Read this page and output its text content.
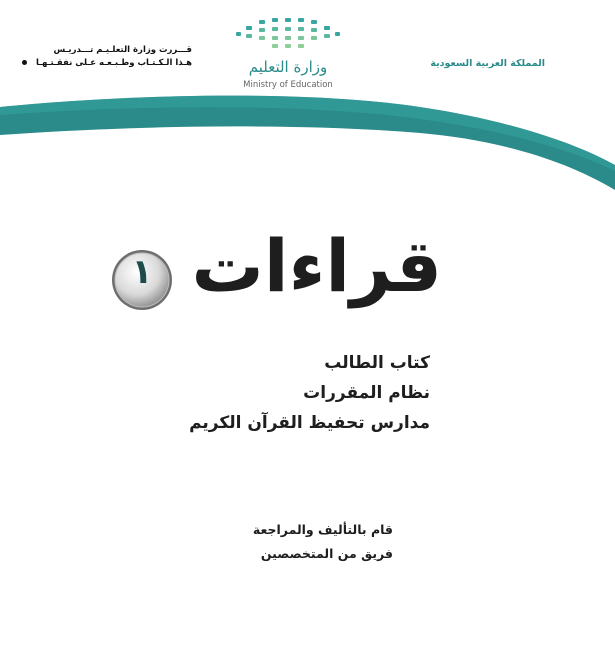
قـــررت وزارة التعلـيـم تـــدريـس
هـذا الـكـتـاب وطـبـعـه عـلى نفقـتـهـا	وزارة التعليم
Ministry of Education
المملكة العربية السعودية
١ قراءات
كتاب الطالب
نظام المقررات
مدارس تحفيظ القرآن الكريم
قام بالتأليف والمراجعة
فريق من المتخصصين
